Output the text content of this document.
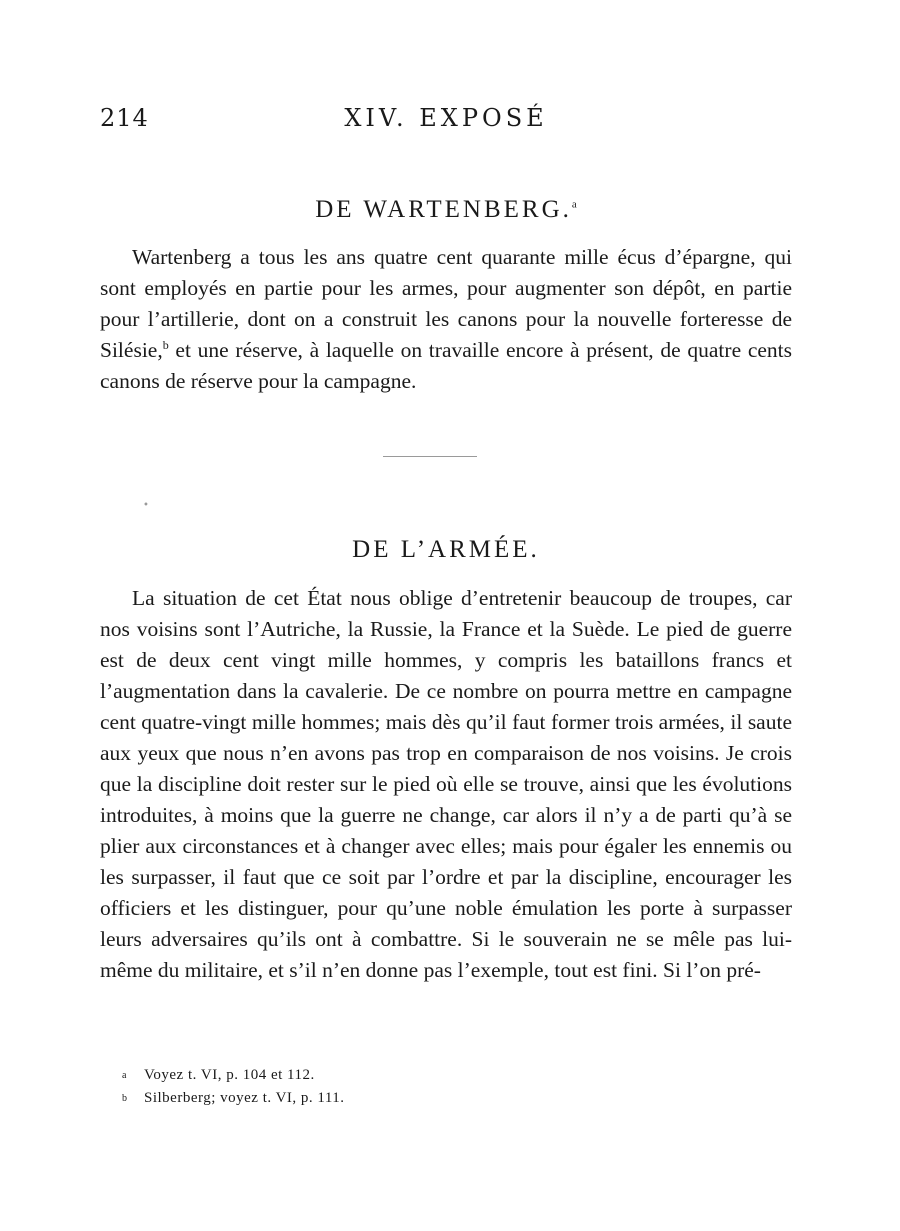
214	XIV. EXPOSÉ
DE WARTENBERG.$^a$

Wartenberg a tous les ans quatre cent quarante mille écus d’épargne, qui sont employés en partie pour les armes, pour augmenter son dépôt, en partie pour l’artillerie, dont on a construit les canons pour la nouvelle forteresse de Silésie,$^b$ et une réserve, à laquelle on travaille encore à présent, de quatre cents canons de réserve pour la campagne.

•
DE L’ARMÉE.

La situation de cet État nous oblige d’entretenir beaucoup de troupes, car nos voisins sont l’Autriche, la Russie, la France et la Suède. Le pied de guerre est de deux cent vingt mille hommes, y compris les bataillons francs et l’augmentation dans la cavalerie. De ce nombre on pourra mettre en campagne cent quatre-vingt mille hommes; mais dès qu’il faut former trois armées, il saute aux yeux que nous n’en avons pas trop en comparaison de nos voisins. Je crois que la discipline doit rester sur le pied où elle se trouve, ainsi que les évolutions introduites, à moins que la guerre ne change, car alors il n’y a de parti qu’à se plier aux circonstances et à changer avec elles; mais pour égaler les ennemis ou les surpasser, il faut que ce soit par l’ordre et par la discipline, encourager les officiers et les distinguer, pour qu’une noble émulation les porte à surpasser leurs adversaires qu’ils ont à combattre. Si le souverain ne se mêle pas lui-même du militaire, et s’il n’en donne pas l’exemple, tout est fini. Si l’on pré-

a	Voyez t. VI, p. 104 et 112.
b	Silberberg; voyez t. VI, p. 111.
